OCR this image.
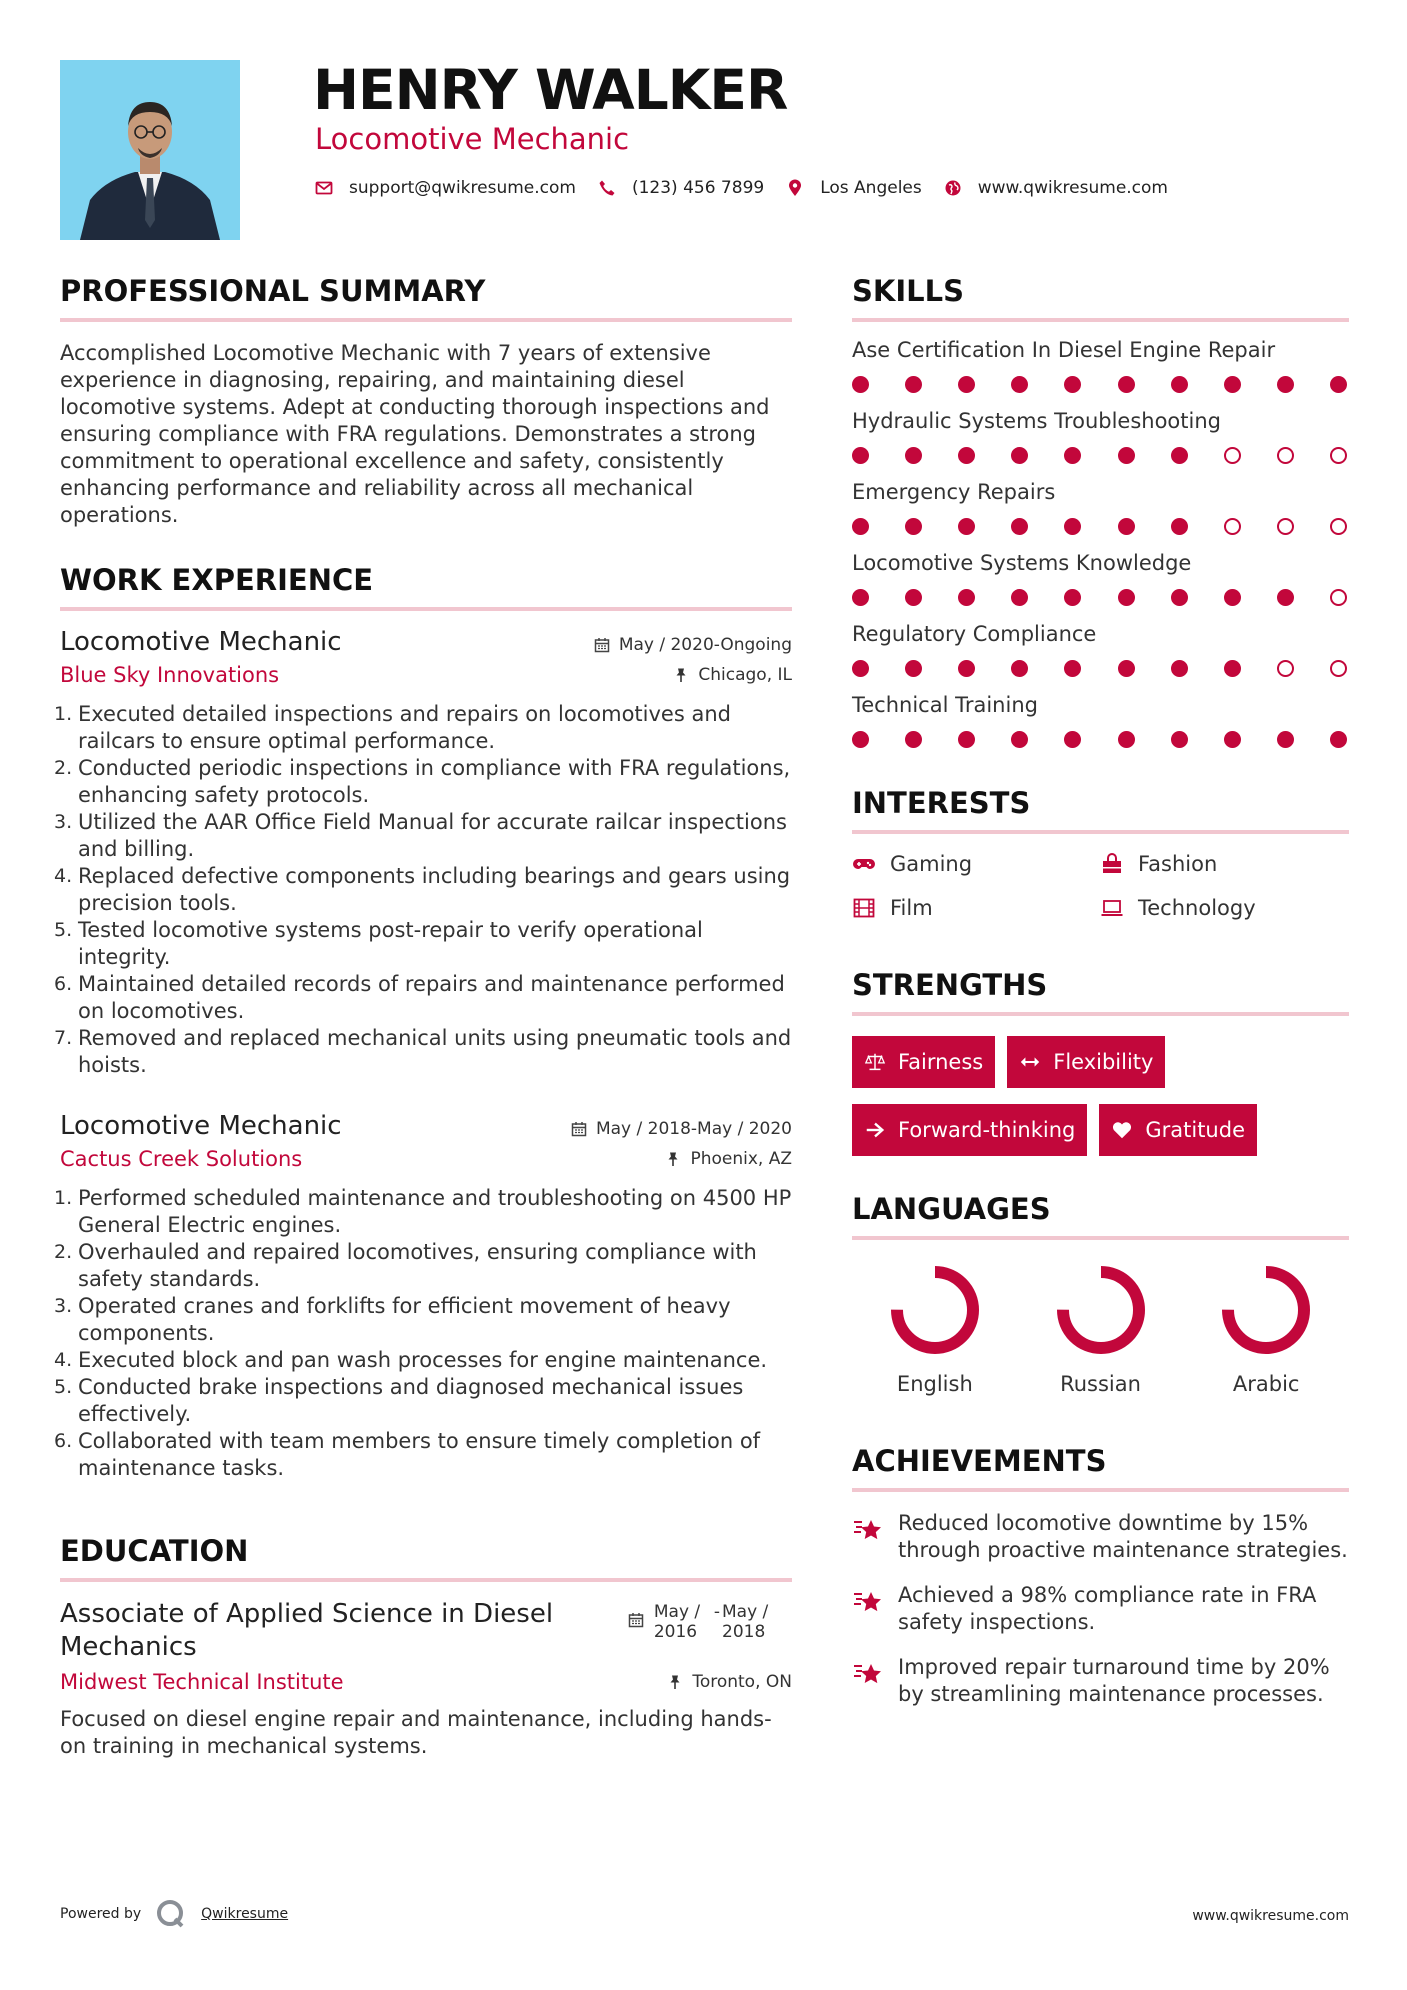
HENRY WALKER
Locomotive Mechanic
support@qwikresume.com	(123) 456 7899	Los Angeles	www.qwikresume.com
PROFESSIONAL SUMMARY

Accomplished Locomotive Mechanic with 7 years of extensive experience in diagnosing, repairing, and maintaining diesel locomotive systems. Adept at conducting thorough inspections and ensuring compliance with FRA regulations. Demonstrates a strong commitment to operational excellence and safety, consistently enhancing performance and reliability across all mechanical operations.

WORK EXPERIENCE
Locomotive Mechanic	May / 2020-Ongoing
Blue Sky Innovations	Chicago, IL
Executed detailed inspections and repairs on locomotives and railcars to ensure optimal performance.
Conducted periodic inspections in compliance with FRA regulations, enhancing safety protocols.
Utilized the AAR Office Field Manual for accurate railcar inspections and billing.
Replaced defective components including bearings and gears using precision tools.
Tested locomotive systems post-repair to verify operational integrity.
Maintained detailed records of repairs and maintenance performed on locomotives.
Removed and replaced mechanical units using pneumatic tools and hoists.
Locomotive Mechanic	May / 2018-May / 2020
Cactus Creek Solutions	Phoenix, AZ
Performed scheduled maintenance and troubleshooting on 4500 HP General Electric engines.
Overhauled and repaired locomotives, ensuring compliance with safety standards.
Operated cranes and forklifts for efficient movement of heavy components.
Executed block and pan wash processes for engine maintenance.
Conducted brake inspections and diagnosed mechanical issues effectively.
Collaborated with team members to ensure timely completion of maintenance tasks.
EDUCATION
Associate of Applied Science in Diesel Mechanics
May / 2016
- May / 2018
Midwest Technical Institute	Toronto, ON

Focused on diesel engine repair and maintenance, including hands-on training in mechanical systems.

SKILLS
Ase Certification In Diesel Engine Repair
Hydraulic Systems Troubleshooting
Emergency Repairs
Locomotive Systems Knowledge
Regulatory Compliance
Technical Training
INTERESTS
Gaming	Fashion
Film	Technology
STRENGTHS
Fairness	Flexibility
Forward-thinking	Gratitude
LANGUAGES
English	Russian	Arabic
ACHIEVEMENTS
Reduced locomotive downtime by 15% through proactive maintenance strategies.
Achieved a 98% compliance rate in FRA safety inspections.
Improved repair turnaround time by 20% by streamlining maintenance processes.
Powered by	Qwikresume	www.qwikresume.com
